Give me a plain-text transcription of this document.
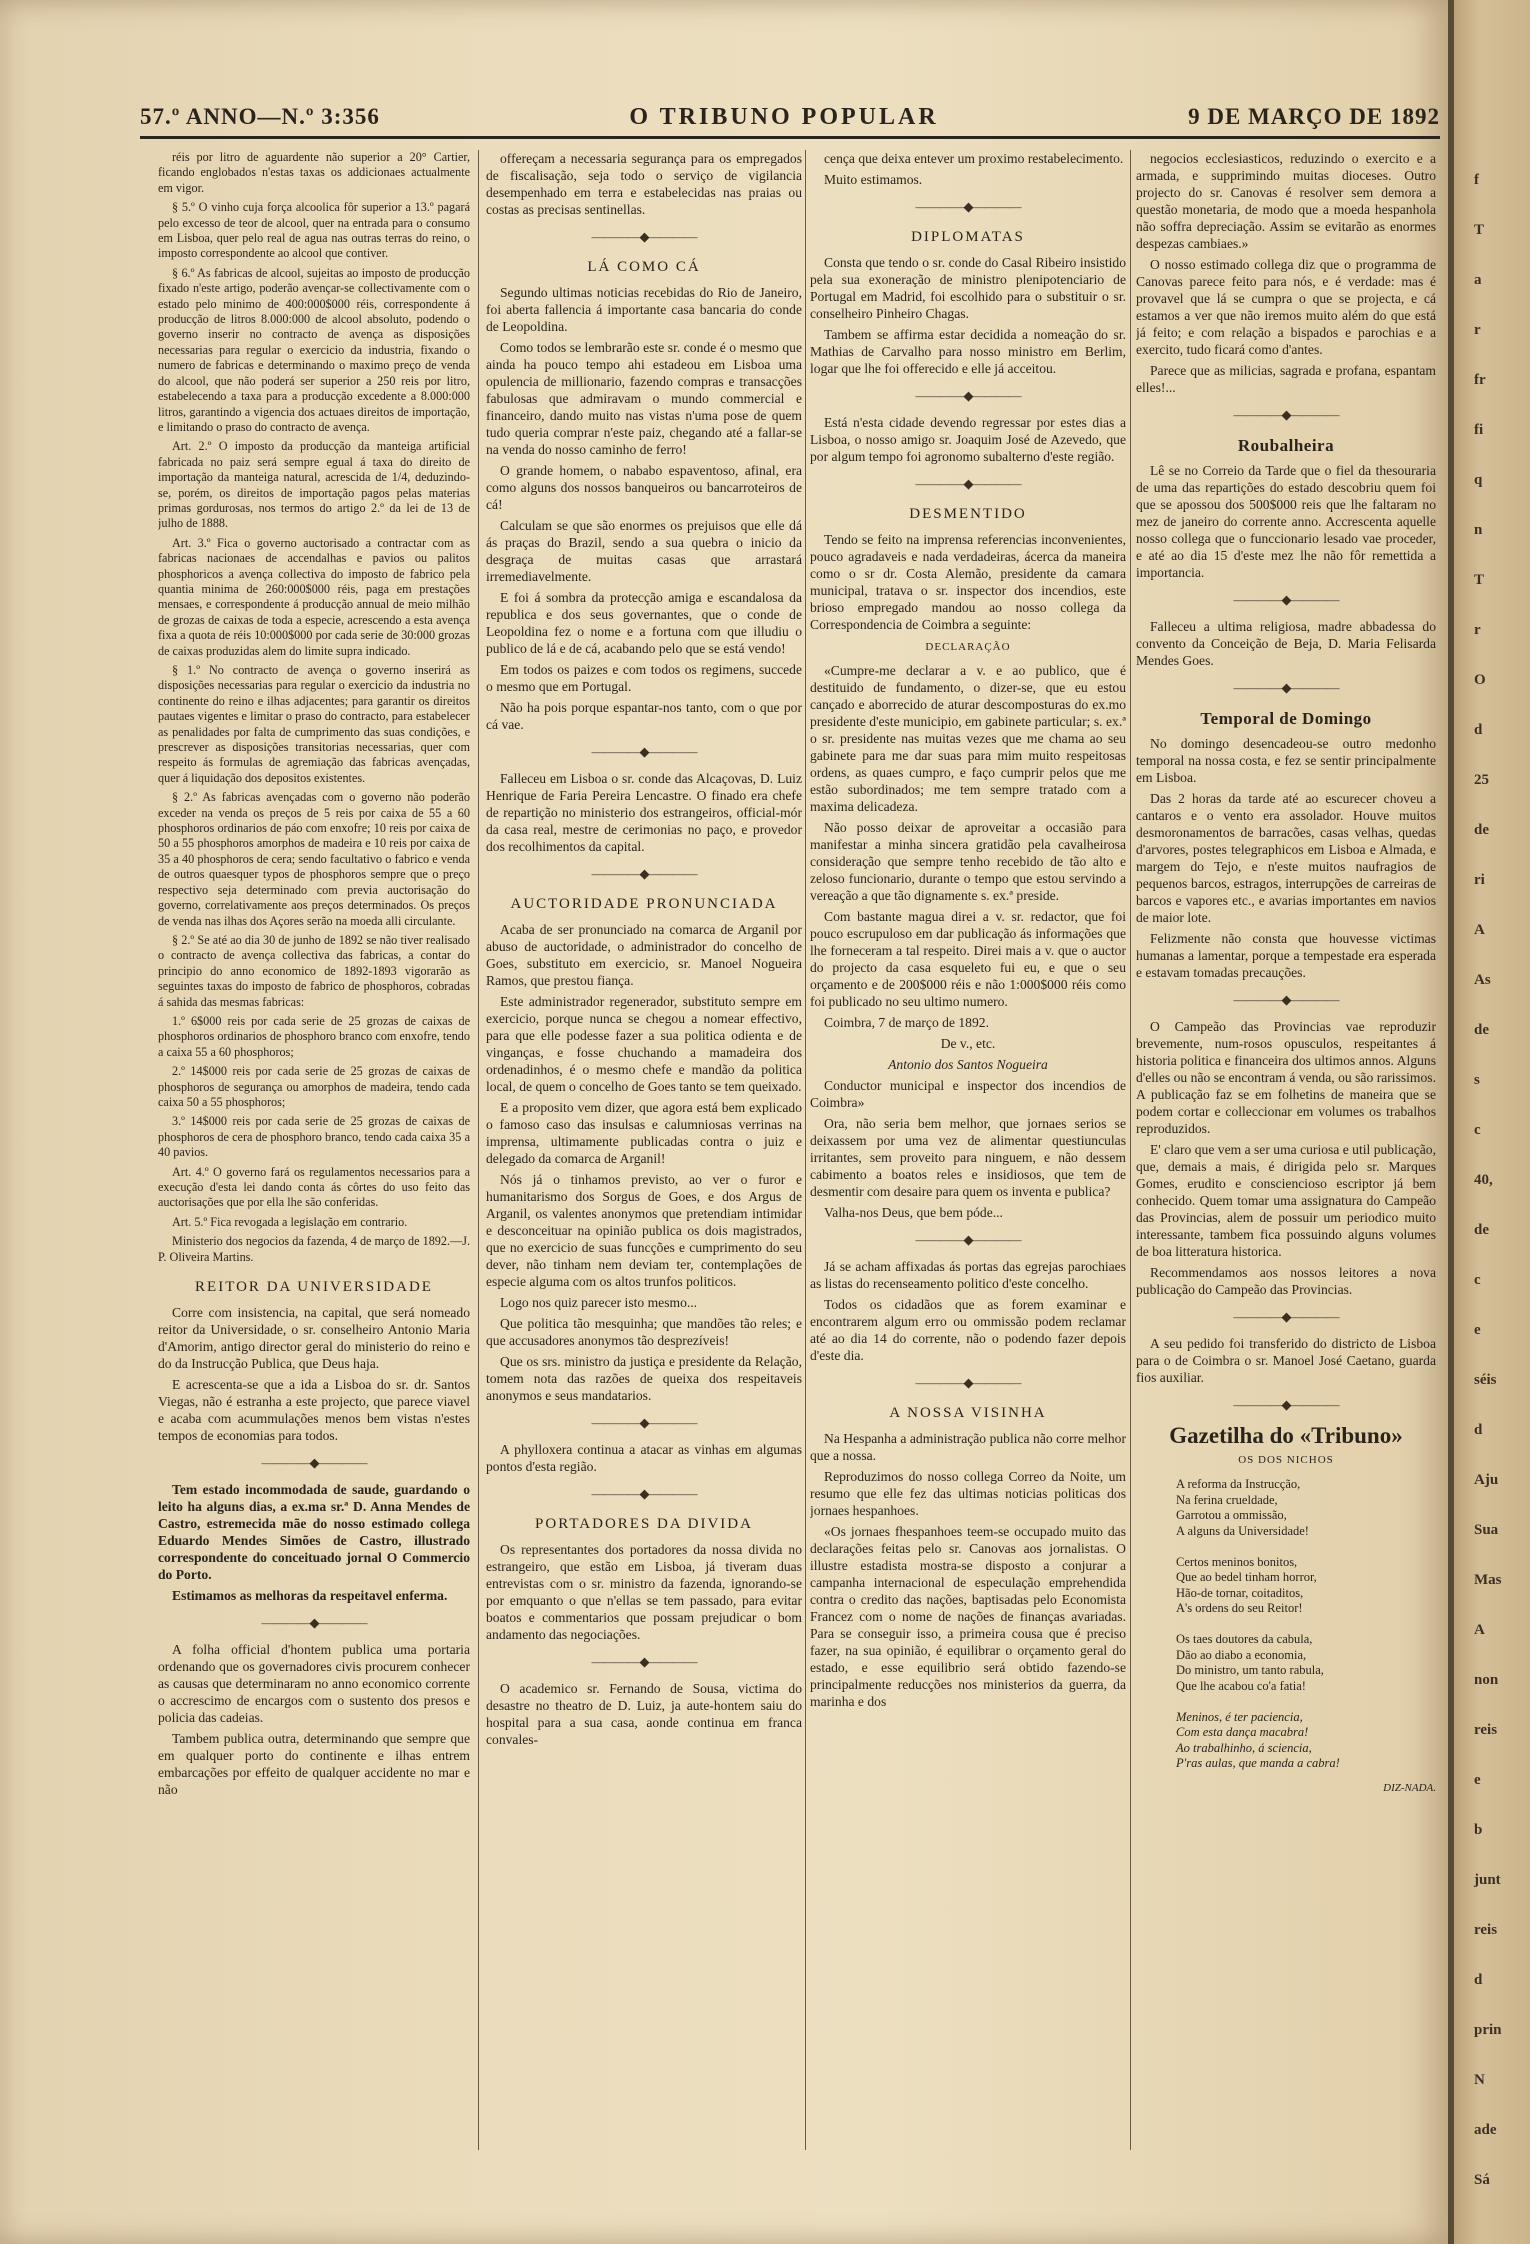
57.º ANNO—N.º 3:356	O TRIBUNO POPULAR	9 DE MARÇO DE 1892

réis por litro de aguardente não superior a 20° Cartier, ficando englobados n'estas taxas os addicionaes actualmente em vigor.

§ 5.º O vinho cuja força alcoolica fôr superior a 13.º pagará pelo excesso de teor de alcool, quer na entrada para o consumo em Lisboa, quer pelo real de agua nas outras terras do reino, o imposto correspondente ao alcool que contiver.

§ 6.º As fabricas de alcool, sujeitas ao imposto de producção fixado n'este artigo, poderão avençar-se collectivamente com o estado pelo minimo de 400:000$000 réis, correspondente á producção de litros 8.000:000 de alcool absoluto, podendo o governo inserir no contracto de avença as disposições necessarias para regular o exercicio da industria, fixando o numero de fabricas e determinando o maximo preço de venda do alcool, que não poderá ser superior a 250 reis por litro, estabelecendo a taxa para a producção excedente a 8.000:000 litros, garantindo a vigencia dos actuaes direitos de importação, e limitando o praso do contracto de avença.

Art. 2.º O imposto da producção da manteiga artificial fabricada no paiz será sempre egual á taxa do direito de importação da manteiga natural, acrescida de 1/4, deduzindo-se, porém, os direitos de importação pagos pelas materias primas gordurosas, nos termos do artigo 2.º da lei de 13 de julho de 1888.

Art. 3.º Fica o governo auctorisado a contractar com as fabricas nacionaes de accendalhas e pavios ou palitos phosphoricos a avença collectiva do imposto de fabrico pela quantia minima de 260:000$000 réis, paga em prestações mensaes, e correspondente á producção annual de meio milhão de grozas de caixas de toda a especie, acrescendo a esta avença fixa a quota de réis 10:000$000 por cada serie de 30:000 grozas de caixas produzidas alem do limite supra indicado.

§ 1.º No contracto de avença o governo inserirá as disposições necessarias para regular o exercicio da industria no continente do reino e ilhas adjacentes; para garantir os direitos pautaes vigentes e limitar o praso do contracto, para estabelecer as penalidades por falta de cumprimento das suas condições, e prescrever as disposições transitorias necessarias, quer com respeito ás formulas de agremiação das fabricas avençadas, quer á liquidação dos depositos existentes.

§ 2.º As fabricas avençadas com o governo não poderão exceder na venda os preços de 5 reis por caixa de 55 a 60 phosphoros ordinarios de páo com enxofre; 10 reis por caixa de 50 a 55 phosphoros amorphos de madeira e 10 reis por caixa de 35 a 40 phosphoros de cera; sendo facultativo o fabrico e venda de outros quaesquer typos de phosphoros sempre que o preço respectivo seja determinado com previa auctorisação do governo, correlativamente aos preços determinados. Os preços de venda nas ilhas dos Açores serão na moeda alli circulante.

§ 2.º Se até ao dia 30 de junho de 1892 se não tiver realisado o contracto de avença collectiva das fabricas, a contar do principio do anno economico de 1892-1893 vigorarão as seguintes taxas do imposto de fabrico de phosphoros, cobradas á sahida das mesmas fabricas:

1.º 6$000 reis por cada serie de 25 grozas de caixas de phosphoros ordinarios de phosphoro branco com enxofre, tendo a caixa 55 a 60 phosphoros;

2.º 14$000 reis por cada serie de 25 grozas de caixas de phosphoros de segurança ou amorphos de madeira, tendo cada caixa 50 a 55 phosphoros;

3.º 14$000 reis por cada serie de 25 grozas de caixas de phosphoros de cera de phosphoro branco, tendo cada caixa 35 a 40 pavios.

Art. 4.º O governo fará os regulamentos necessarios para a execução d'esta lei dando conta ás côrtes do uso feito das auctorisações que por ella lhe são conferidas.

Art. 5.º Fica revogada a legislação em contrario.

Ministerio dos negocios da fazenda, 4 de março de 1892.—J. P. Oliveira Martins.

REITOR DA UNIVERSIDADE

Corre com insistencia, na capital, que será nomeado reitor da Universidade, o sr. conselheiro Antonio Maria d'Amorim, antigo director geral do ministerio do reino e do da Instrucção Publica, que Deus haja.

E acrescenta-se que a ida a Lisboa do sr. dr. Santos Viegas, não é estranha a este projecto, que parece viavel e acaba com acummulações menos bem vistas n'estes tempos de economias para todos.

————◆————

Tem estado incommodada de saude, guardando o leito ha alguns dias, a ex.ma sr.ª D. Anna Mendes de Castro, estremecida mãe do nosso estimado collega Eduardo Mendes Simões de Castro, illustrado correspondente do conceituado jornal O Commercio do Porto.

Estimamos as melhoras da respeitavel enferma.

————◆————

A folha official d'hontem publica uma portaria ordenando que os governadores civis procurem conhecer as causas que determinaram no anno economico corrente o accrescimo de encargos com o sustento dos presos e policia das cadeias.

Tambem publica outra, determinando que sempre que em qualquer porto do continente e ilhas entrem embarcações por effeito de qualquer accidente no mar e não

offereçam a necessaria segurança para os empregados de fiscalisação, seja todo o serviço de vigilancia desempenhado em terra e estabelecidas nas praias ou costas as precisas sentinellas.

————◆————
LÁ COMO CÁ

Segundo ultimas noticias recebidas do Rio de Janeiro, foi aberta fallencia á importante casa bancaria do conde de Leopoldina.

Como todos se lembrarão este sr. conde é o mesmo que ainda ha pouco tempo ahi estadeou em Lisboa uma opulencia de millionario, fazendo compras e transacções fabulosas que admiravam o mundo commercial e financeiro, dando muito nas vistas n'uma pose de quem tudo queria comprar n'este paiz, chegando até a fallar-se na venda do nosso caminho de ferro!

O grande homem, o nababo espaventoso, afinal, era como alguns dos nossos banqueiros ou bancarroteiros de cá!

Calculam se que são enormes os prejuisos que elle dá ás praças do Brazil, sendo a sua quebra o inicio da desgraça de muitas casas que arrastará irremediavelmente.

E foi á sombra da protecção amiga e escandalosa da republica e dos seus governantes, que o conde de Leopoldina fez o nome e a fortuna com que illudiu o publico de lá e de cá, acabando pelo que se está vendo!

Em todos os paizes e com todos os regimens, succede o mesmo que em Portugal.

Não ha pois porque espantar-nos tanto, com o que por cá vae.

————◆————

Falleceu em Lisboa o sr. conde das Alcaçovas, D. Luiz Henrique de Faria Pereira Lencastre. O finado era chefe de repartição no ministerio dos estrangeiros, official-mór da casa real, mestre de cerimonias no paço, e provedor dos recolhimentos da capital.

————◆————
AUCTORIDADE PRONUNCIADA

Acaba de ser pronunciado na comarca de Arganil por abuso de auctoridade, o administrador do concelho de Goes, substituto em exercicio, sr. Manoel Nogueira Ramos, que prestou fiança.

Este administrador regenerador, substituto sempre em exercicio, porque nunca se chegou a nomear effectivo, para que elle podesse fazer a sua politica odienta e de vinganças, e fosse chuchando a mamadeira dos ordenadinhos, é o mesmo chefe e mandão da politica local, de quem o concelho de Goes tanto se tem queixado.

E a proposito vem dizer, que agora está bem explicado o famoso caso das insulsas e calumniosas verrinas na imprensa, ultimamente publicadas contra o juiz e delegado da comarca de Arganil!

Nós já o tinhamos previsto, ao ver o furor e humanitarismo dos Sorgus de Goes, e dos Argus de Arganil, os valentes anonymos que pretendiam intimidar e desconceituar na opinião publica os dois magistrados, que no exercicio de suas funcções e cumprimento do seu dever, não tinham nem deviam ter, contemplações de especie alguma com os altos trunfos politicos.

Logo nos quiz parecer isto mesmo...

Que politica tão mesquinha; que mandões tão reles; e que accusadores anonymos tão desprezíveis!

Que os srs. ministro da justiça e presidente da Relação, tomem nota das razões de queixa dos respeitaveis anonymos e seus mandatarios.

————◆————

A phylloxera continua a atacar as vinhas em algumas pontos d'esta região.

————◆————
PORTADORES DA DIVIDA

Os representantes dos portadores da nossa divida no estrangeiro, que estão em Lisboa, já tiveram duas entrevistas com o sr. ministro da fazenda, ignorando-se por emquanto o que n'ellas se tem passado, para evitar boatos e commentarios que possam prejudicar o bom andamento das negociações.

————◆————

O academico sr. Fernando de Sousa, victima do desastre no theatro de D. Luiz, ja aute-hontem saiu do hospital para a sua casa, aonde continua em franca convales-

cença que deixa entever um proximo restabelecimento.

Muito estimamos.

————◆————
DIPLOMATAS

Consta que tendo o sr. conde do Casal Ribeiro insistido pela sua exoneração de ministro plenipotenciario de Portugal em Madrid, foi escolhido para o substituir o sr. conselheiro Pinheiro Chagas.

Tambem se affirma estar decidida a nomeação do sr. Mathias de Carvalho para nosso ministro em Berlim, logar que lhe foi offerecido e elle já acceitou.

————◆————

Está n'esta cidade devendo regressar por estes dias a Lisboa, o nosso amigo sr. Joaquim José de Azevedo, que por algum tempo foi agronomo subalterno d'este região.

————◆————
DESMENTIDO

Tendo se feito na imprensa referencias inconvenientes, pouco agradaveis e nada verdadeiras, ácerca da maneira como o sr dr. Costa Alemão, presidente da camara municipal, tratava o sr. inspector dos incendios, este brioso empregado mandou ao nosso collega da Correspondencia de Coimbra a seguinte:

DECLARAÇÃO

«Cumpre-me declarar a v. e ao publico, que é destituido de fundamento, o dizer-se, que eu estou cançado e aborrecido de aturar descomposturas do ex.mo presidente d'este municipio, em gabinete particular; s. ex.ª o sr. presidente nas muitas vezes que me chama ao seu gabinete para me dar suas para mim muito respeitosas ordens, as quaes cumpro, e faço cumprir pelos que me estão subordinados; me tem sempre tratado com a maxima delicadeza.

Não posso deixar de aproveitar a occasião para manifestar a minha sincera gratidão pela cavalheirosa consideração que sempre tenho recebido de tão alto e zeloso funcionario, durante o tempo que estou servindo a vereação a que tão dignamente s. ex.ª preside.

Com bastante magua direi a v. sr. redactor, que foi pouco escrupuloso em dar publicação ás informações que lhe forneceram a tal respeito. Direi mais a v. que o auctor do projecto da casa esqueleto fui eu, e que o seu orçamento e de 200$000 réis e não 1:000$000 réis como foi publicado no seu ultimo numero.

Coimbra, 7 de março de 1892.

De v., etc.

Antonio dos Santos Nogueira

Conductor municipal e inspector dos incendios de Coimbra»

Ora, não seria bem melhor, que jornaes serios se deixassem por uma vez de alimentar questiunculas irritantes, sem proveito para ninguem, e não dessem cabimento a boatos reles e insidiosos, que tem de desmentir com desaire para quem os inventa e publica?

Valha-nos Deus, que bem póde...

————◆————

Já se acham affixadas ás portas das egrejas parochiaes as listas do recenseamento politico d'este concelho.

Todos os cidadãos que as forem examinar e encontrarem algum erro ou ommissão podem reclamar até ao dia 14 do corrente, não o podendo fazer depois d'este dia.

————◆————
A NOSSA VISINHA

Na Hespanha a administração publica não corre melhor que a nossa.

Reproduzimos do nosso collega Correo da Noite, um resumo que elle fez das ultimas noticias politicas dos jornaes hespanhoes.

«Os jornaes fhespanhoes teem-se occupado muito das declarações feitas pelo sr. Canovas aos jornalistas. O illustre estadista mostra-se disposto a conjurar a campanha internacional de especulação emprehendida contra o credito das nações, baptisadas pelo Economista Francez com o nome de nações de finanças avariadas. Para se conseguir isso, a primeira cousa que é preciso fazer, na sua opinião, é equilibrar o orçamento geral do estado, e esse equilibrio será obtido fazendo-se principalmente reducções nos ministerios da guerra, da marinha e dos

negocios ecclesiasticos, reduzindo o exercito e a armada, e supprimindo muitas dioceses. Outro projecto do sr. Canovas é resolver sem demora a questão monetaria, de modo que a moeda hespanhola não soffra depreciação. Assim se evitarão as enormes despezas cambiaes.»

O nosso estimado collega diz que o programma de Canovas parece feito para nós, e é verdade: mas é provavel que lá se cumpra o que se projecta, e cá estamos a ver que não iremos muito além do que está já feito; e com relação a bispados e parochias e a exercito, tudo ficará como d'antes.

Parece que as milicias, sagrada e profana, espantam elles!...

————◆————
Roubalheira

Lê se no Correio da Tarde que o fiel da thesouraria de uma das repartições do estado descobriu quem foi que se apossou dos 500$000 reis que lhe faltaram no mez de janeiro do corrente anno. Accrescenta aquelle nosso collega que o funccionario lesado vae proceder, e até ao dia 15 d'este mez lhe não fôr remettida a importancia.

————◆————

Falleceu a ultima religiosa, madre abbadessa do convento da Conceição de Beja, D. Maria Felisarda Mendes Goes.

————◆————
Temporal de Domingo

No domingo desencadeou-se outro medonho temporal na nossa costa, e fez se sentir principalmente em Lisboa.

Das 2 horas da tarde até ao escurecer choveu a cantaros e o vento era assolador. Houve muitos desmoronamentos de barracões, casas velhas, quedas d'arvores, postes telegraphicos em Lisboa e Almada, e margem do Tejo, e n'este muitos naufragios de pequenos barcos, estragos, interrupções de carreiras de barcos e vapores etc., e avarias importantes em navios de maior lote.

Felizmente não consta que houvesse victimas humanas a lamentar, porque a tempestade era esperada e estavam tomadas precauções.

————◆————

O Campeão das Provincias vae reproduzir brevemente, num-rosos opusculos, respeitantes á historia politica e financeira dos ultimos annos. Alguns d'elles ou não se encontram á venda, ou são rarissimos. A publicação faz se em folhetins de maneira que se podem cortar e colleccionar em volumes os trabalhos reproduzidos.

E' claro que vem a ser uma curiosa e util publicação, que, demais a mais, é dirigida pelo sr. Marques Gomes, erudito e consciencioso escriptor já bem conhecido. Quem tomar uma assignatura do Campeão das Provincias, alem de possuir um periodico muito interessante, tambem fica possuindo alguns volumes de boa litteratura historica.

Recommendamos aos nossos leitores a nova publicação do Campeão das Provincias.

————◆————

A seu pedido foi transferido do districto de Lisboa para o de Coimbra o sr. Manoel José Caetano, guarda fios auxiliar.

————◆————
Gazetilha do «Tribuno»
OS DOS NICHOS
A reforma da Instrucção,
Na ferina crueldade,
Garrotou a ommissão,
A alguns da Universidade!

Certos meninos bonitos,
Que ao bedel tinham horror,
Hão-de tornar, coitaditos,
A's ordens do seu Reitor!

Os taes doutores da cabula,
Dão ao diabo a economia,
Do ministro, um tanto rabula,
Que lhe acabou co'a fatia!

Meninos, é ter paciencia,
Com esta dança macabra!
Ao trabalhinho, á sciencia,
P'ras aulas, que manda a cabra!
DIZ-NADA.
f
T
a
r
fr
fi
q
n
T
r
O
d
25
de
ri
A
As
de
s
c
40,
de
c
e
séis
d
Aju
Sua
Mas
A
non
reis
e
b
junt
reis
d
prin
N
ade
Sá
